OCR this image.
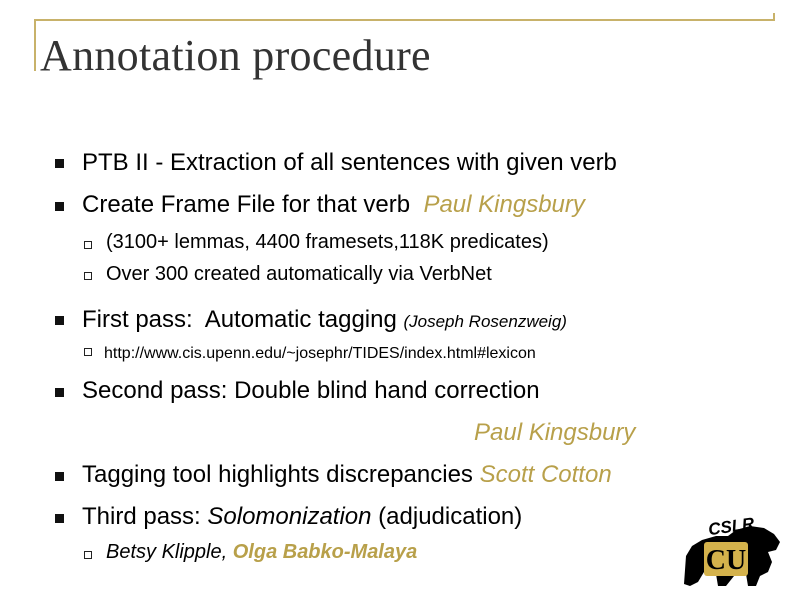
Annotation procedure
PTB II - Extraction of all sentences with given verb
Create Frame File for that verb  Paul Kingsbury
(3100+ lemmas, 4400 framesets,118K predicates)
Over 300 created automatically via VerbNet
First pass:  Automatic tagging (Joseph Rosenzweig)
http://www.cis.upenn.edu/~josephr/TIDES/index.html#lexicon
Second pass: Double blind hand correction
Paul Kingsbury
Tagging tool highlights discrepancies Scott Cotton
Third pass: Solomonization (adjudication)
Betsy Klipple, Olga Babko-Malaya
CSLR
CU
